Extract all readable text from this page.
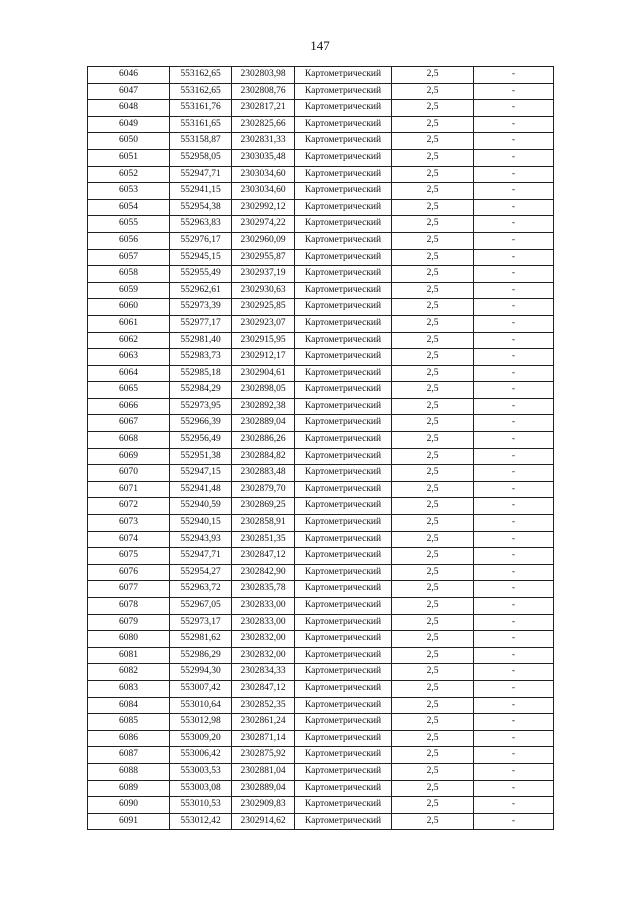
147
6046	553162,65	2302803,98	Картометрический	2,5	-
6047	553162,65	2302808,76	Картометрический	2,5	-
6048	553161,76	2302817,21	Картометрический	2,5	-
6049	553161,65	2302825,66	Картометрический	2,5	-
6050	553158,87	2302831,33	Картометрический	2,5	-
6051	552958,05	2303035,48	Картометрический	2,5	-
6052	552947,71	2303034,60	Картометрический	2,5	-
6053	552941,15	2303034,60	Картометрический	2,5	-
6054	552954,38	2302992,12	Картометрический	2,5	-
6055	552963,83	2302974,22	Картометрический	2,5	-
6056	552976,17	2302960,09	Картометрический	2,5	-
6057	552945,15	2302955,87	Картометрический	2,5	-
6058	552955,49	2302937,19	Картометрический	2,5	-
6059	552962,61	2302930,63	Картометрический	2,5	-
6060	552973,39	2302925,85	Картометрический	2,5	-
6061	552977,17	2302923,07	Картометрический	2,5	-
6062	552981,40	2302915,95	Картометрический	2,5	-
6063	552983,73	2302912,17	Картометрический	2,5	-
6064	552985,18	2302904,61	Картометрический	2,5	-
6065	552984,29	2302898,05	Картометрический	2,5	-
6066	552973,95	2302892,38	Картометрический	2,5	-
6067	552966,39	2302889,04	Картометрический	2,5	-
6068	552956,49	2302886,26	Картометрический	2,5	-
6069	552951,38	2302884,82	Картометрический	2,5	-
6070	552947,15	2302883,48	Картометрический	2,5	-
6071	552941,48	2302879,70	Картометрический	2,5	-
6072	552940,59	2302869,25	Картометрический	2,5	-
6073	552940,15	2302858,91	Картометрический	2,5	-
6074	552943,93	2302851,35	Картометрический	2,5	-
6075	552947,71	2302847,12	Картометрический	2,5	-
6076	552954,27	2302842,90	Картометрический	2,5	-
6077	552963,72	2302835,78	Картометрический	2,5	-
6078	552967,05	2302833,00	Картометрический	2,5	-
6079	552973,17	2302833,00	Картометрический	2,5	-
6080	552981,62	2302832,00	Картометрический	2,5	-
6081	552986,29	2302832,00	Картометрический	2,5	-
6082	552994,30	2302834,33	Картометрический	2,5	-
6083	553007,42	2302847,12	Картометрический	2,5	-
6084	553010,64	2302852,35	Картометрический	2,5	-
6085	553012,98	2302861,24	Картометрический	2,5	-
6086	553009,20	2302871,14	Картометрический	2,5	-
6087	553006,42	2302875,92	Картометрический	2,5	-
6088	553003,53	2302881,04	Картометрический	2,5	-
6089	553003,08	2302889,04	Картометрический	2,5	-
6090	553010,53	2302909,83	Картометрический	2,5	-
6091	553012,42	2302914,62	Картометрический	2,5	-
